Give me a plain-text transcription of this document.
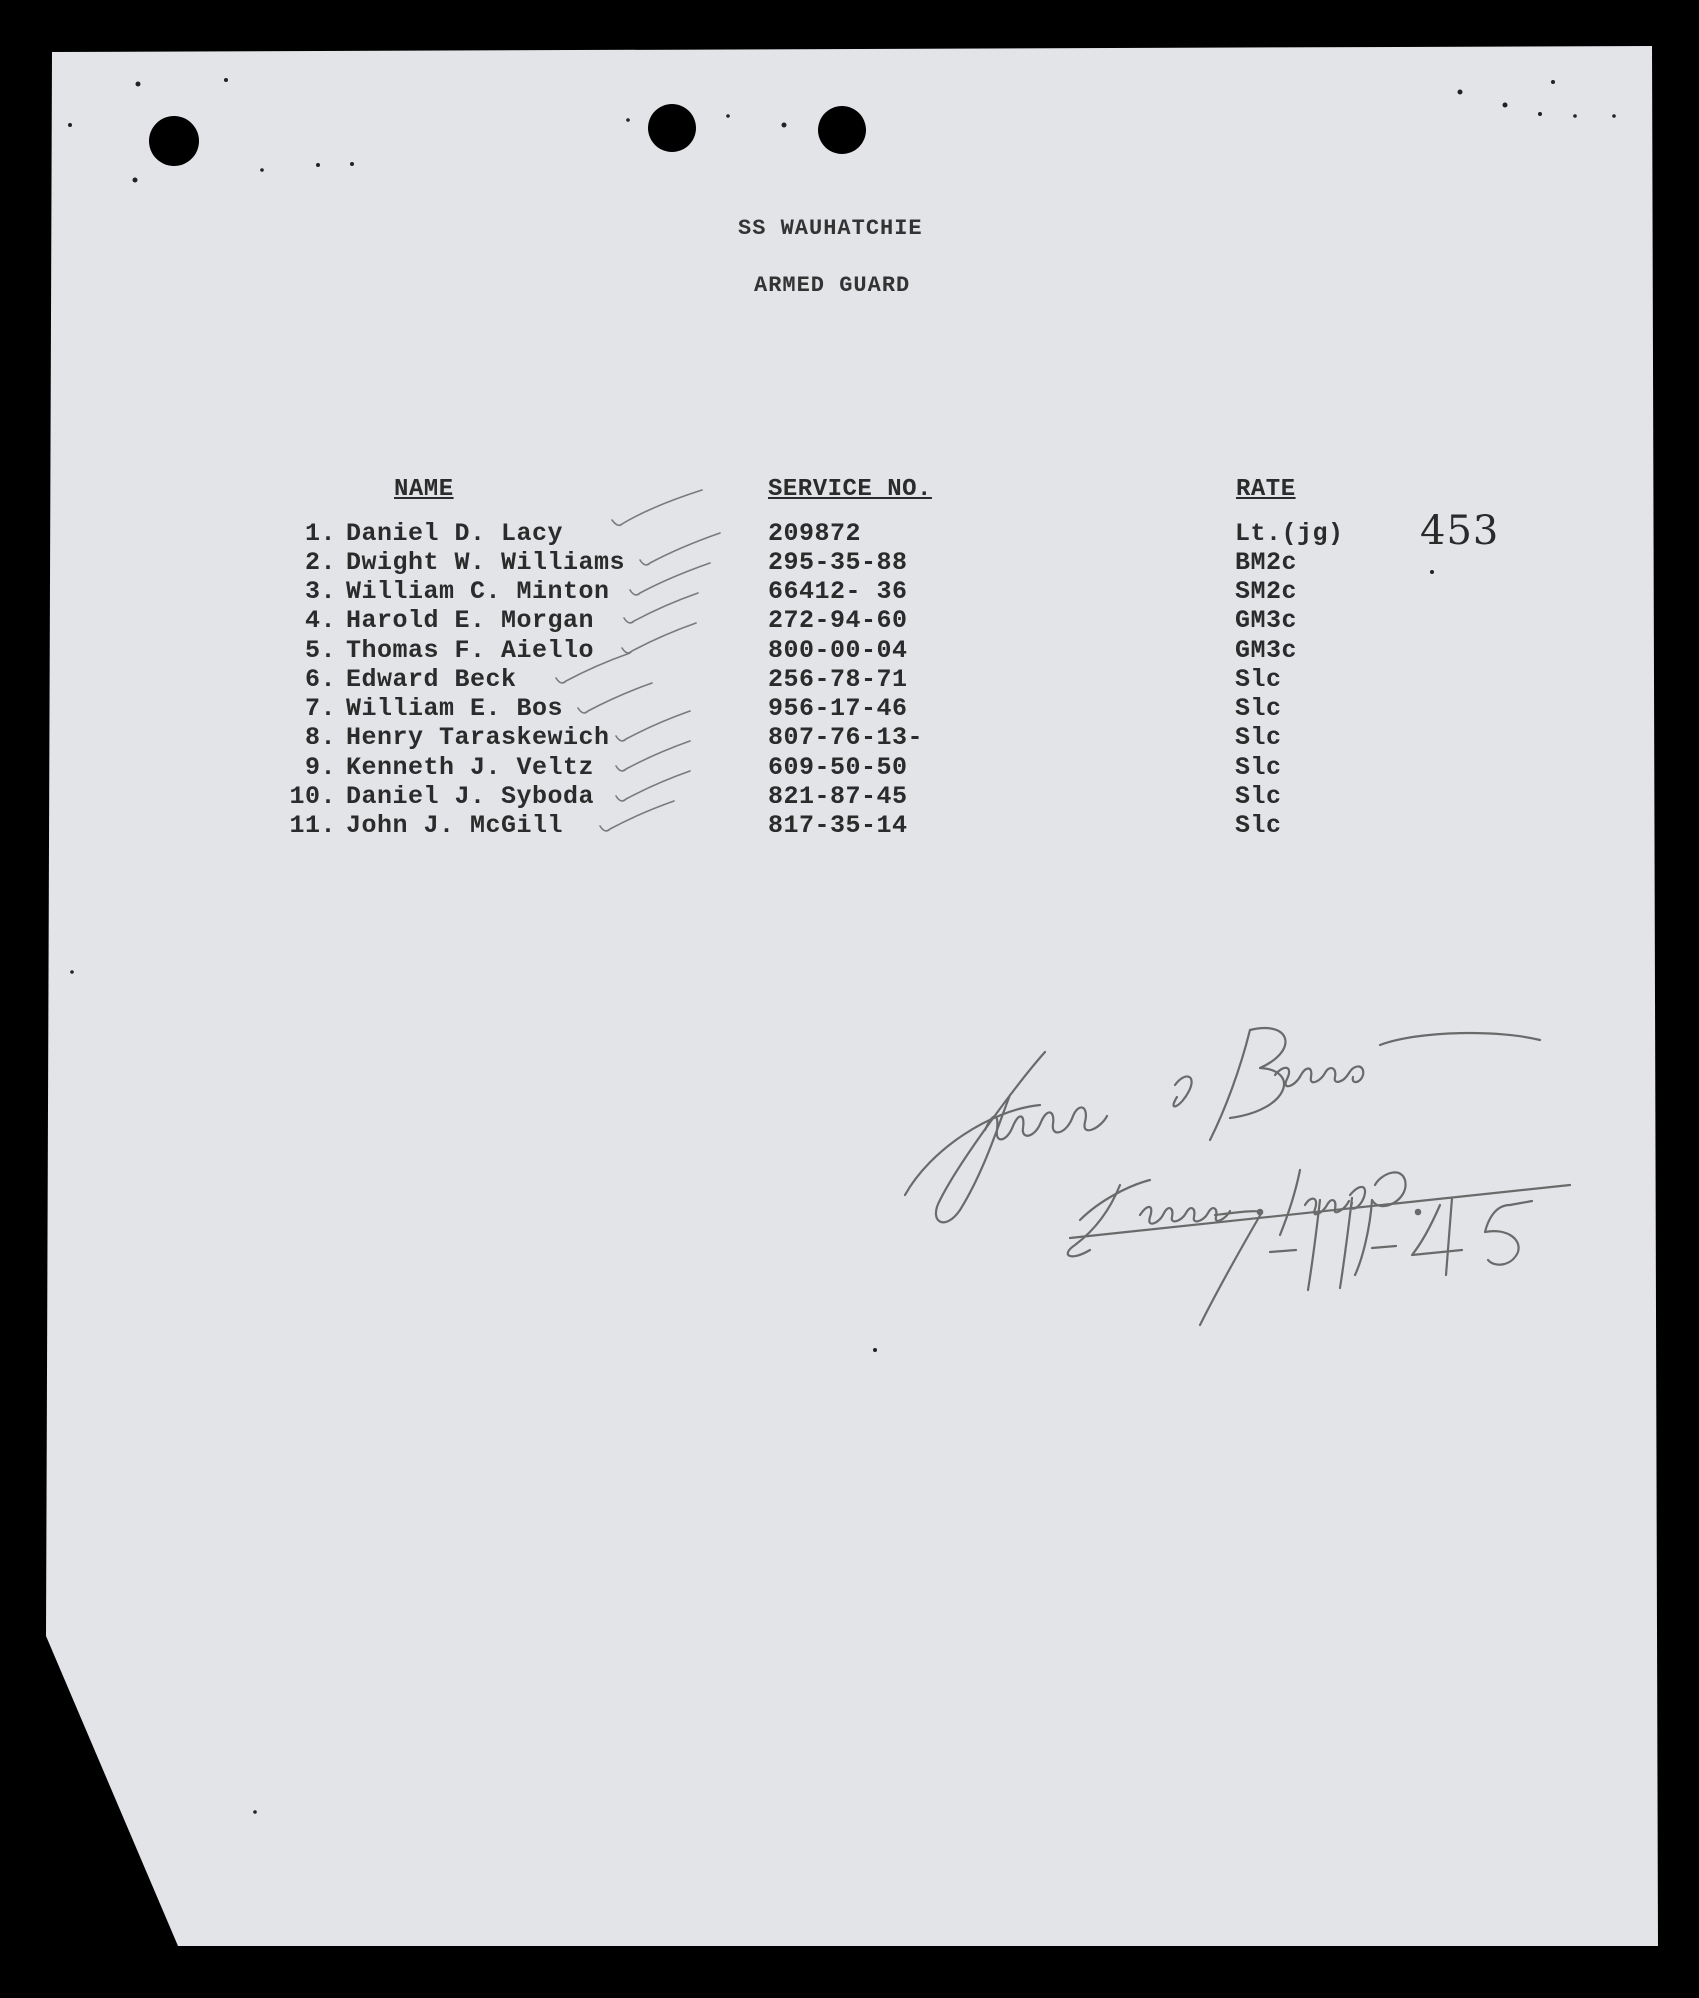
SS WAUHATCHIE
ARMED GUARD
NAME	SERVICE NO.	RATE
453
1. Daniel D. Lacy	209872	Lt.(jg)
2. Dwight W. Williams	295-35-88	BM2c
3. William C. Minton	66412- 36	SM2c
4. Harold E. Morgan	272-94-60	GM3c
5. Thomas F. Aiello	800-00-04	GM3c
6. Edward Beck	256-78-71	Slc
7. William E. Bos	956-17-46	Slc
8. Henry Taraskewich	807-76-13-	Slc
9. Kenneth J. Veltz	609-50-50	Slc
10. Daniel J. Syboda	821-87-45	Slc
11. John J. McGill	817-35-14	Slc
